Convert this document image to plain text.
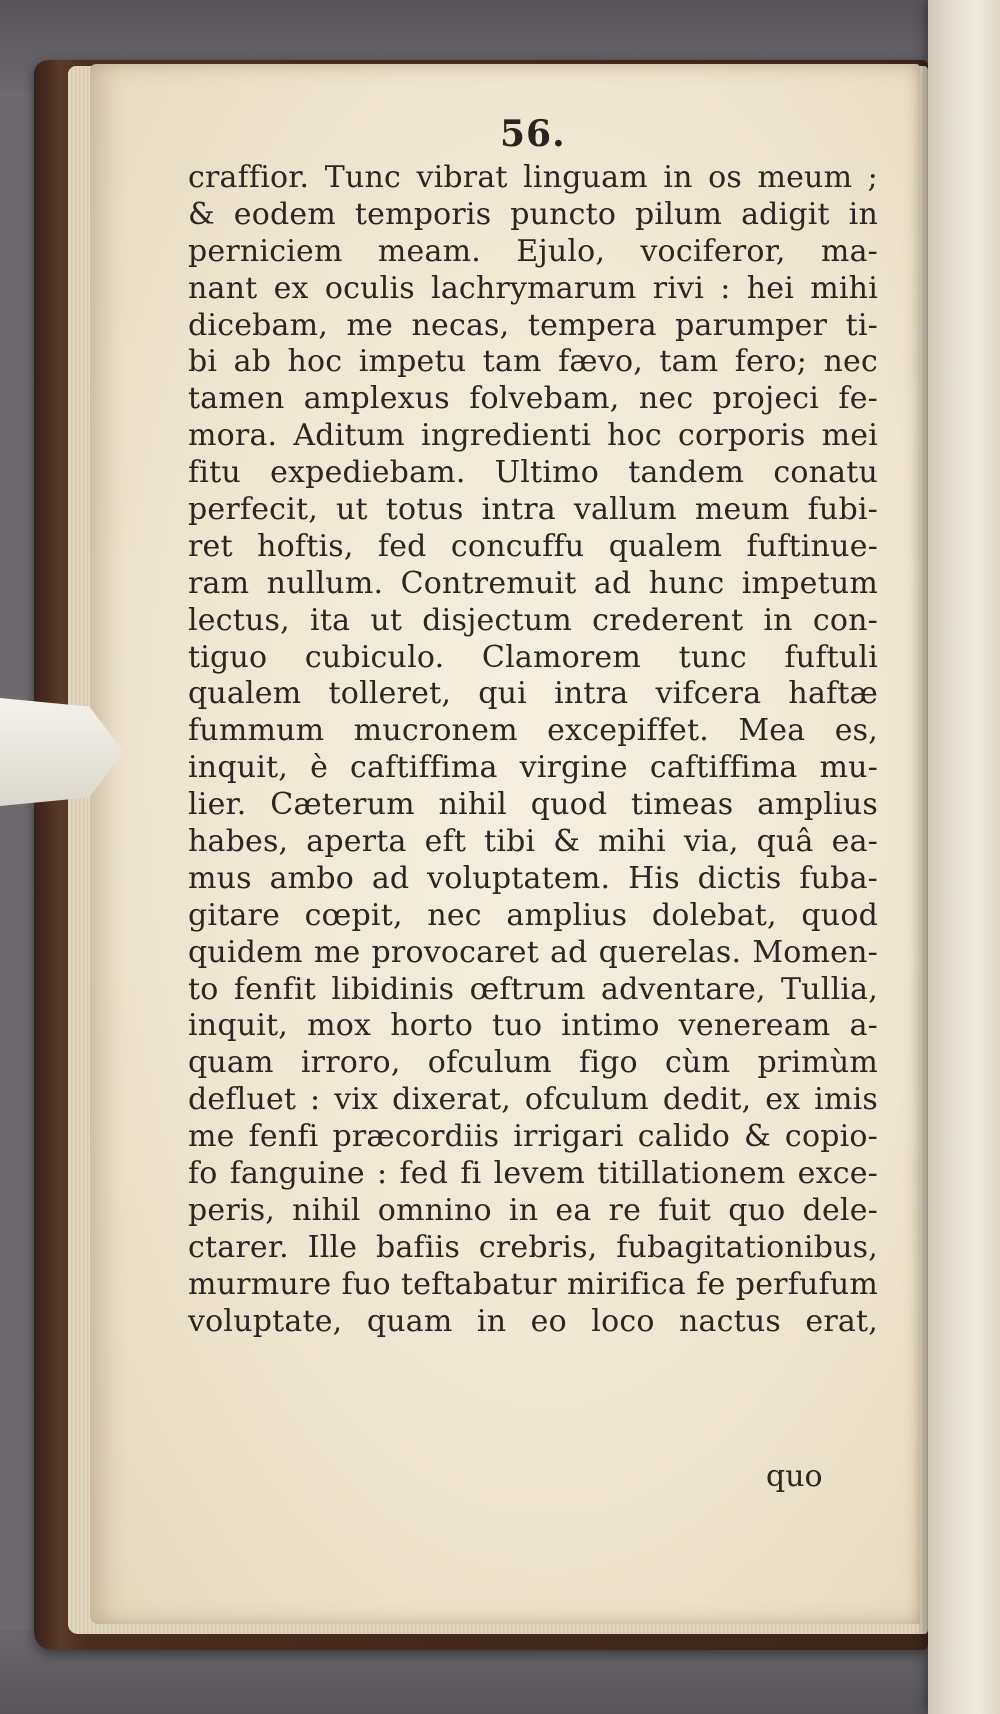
56.
craffior. Tunc vibrat linguam in os meum ;
& eodem temporis puncto pilum adigit in
perniciem meam. Ejulo, vociferor, ma-
nant ex oculis lachrymarum rivi : hei mihi
dicebam, me necas, tempera parumper ti-
bi ab hoc impetu tam fævo, tam fero; nec
tamen amplexus folvebam, nec projeci fe-
mora. Aditum ingredienti hoc corporis mei
fitu expediebam. Ultimo tandem conatu
perfecit, ut totus intra vallum meum fubi-
ret hoftis, fed concuffu qualem fuftinue-
ram nullum. Contremuit ad hunc impetum
lectus, ita ut disjectum crederent in con-
tiguo cubiculo. Clamorem tunc fuftuli
qualem tolleret, qui intra vifcera haftæ
fummum mucronem excepiffet. Mea es,
inquit, è caftiffima virgine caftiffima mu-
lier. Cæterum nihil quod timeas amplius
habes, aperta eft tibi & mihi via, quâ ea-
mus ambo ad voluptatem. His dictis fuba-
gitare cœpit, nec amplius dolebat, quod
quidem me provocaret ad querelas. Momen-
to fenfit libidinis œftrum adventare, Tullia,
inquit, mox horto tuo intimo veneream a-
quam irroro, ofculum figo cùm primùm
defluet : vix dixerat, ofculum dedit, ex imis
me fenfi præcordiis irrigari calido & copio-
fo fanguine : fed fi levem titillationem exce-
peris, nihil omnino in ea re fuit quo dele-
ctarer. Ille bafiis crebris, fubagitationibus,
murmure fuo teftabatur mirifica fe perfufum
voluptate, quam in eo loco nactus erat,

quo
